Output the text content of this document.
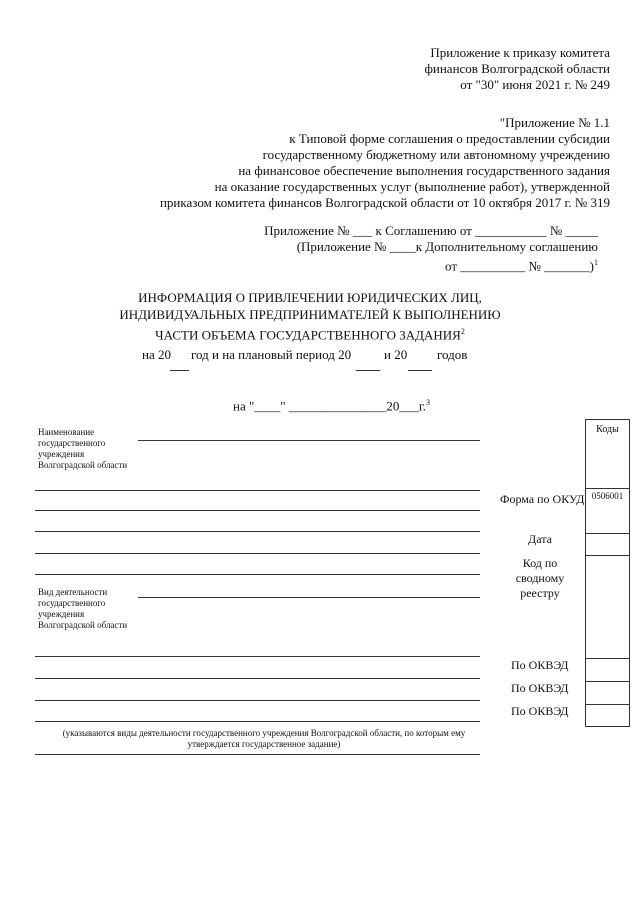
Приложение к приказу комитета
финансов Волгоградской области
от "30" июня 2021 г. № 249
"Приложение № 1.1
к Типовой форме соглашения о предоставлении субсидии
государственному бюджетному или автономному учреждению
на финансовое обеспечение выполнения государственного задания
на оказание государственных услуг (выполнение работ), утвержденной
приказом комитета финансов Волгоградской области от 10 октября 2017 г. № 319
Приложение № ___ к Соглашению от ___________ № _____
(Приложение № ____к Дополнительному соглашению
от __________ № _______)$^1$
ИНФОРМАЦИЯ О ПРИВЛЕЧЕНИИ ЮРИДИЧЕСКИХ ЛИЦ,
ИНДИВИДУАЛЬНЫХ ПРЕДПРИНИМАТЕЛЕЙ К ВЫПОЛНЕНИЮ
ЧАСТИ ОБЪЕМА ГОСУДАРСТВЕННОГО ЗАДАНИЯ$^2$
на 20 год и на плановый период 20	и 20 годов
на "____" _______________20___г.$^3$
Наименование государственного учреждения Волгоградской области
Вид деятельности государственного учреждения Волгоградской области
(указываются виды деятельности государственного учреждения Волгоградской области, по которым ему утверждается государственное задание)
Форма по ОКУД
Дата
Код по сводному реестру
По ОКВЭД
По ОКВЭД
По ОКВЭД
Коды
0506001
